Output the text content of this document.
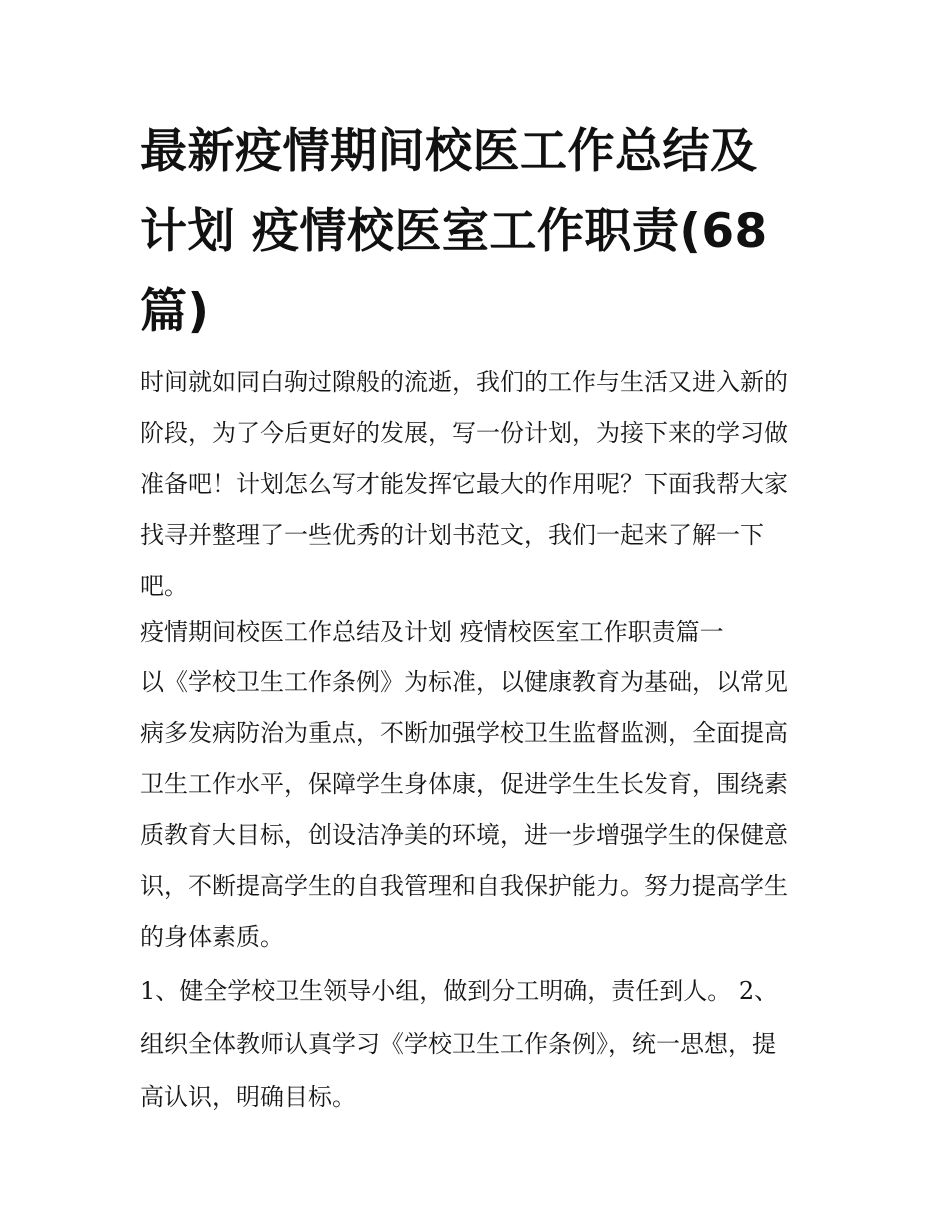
最新疫情期间校医工作总结及
计划 疫情校医室工作职责(68
篇)

时间就如同白驹过隙般的流逝，我们的工作与生活又进入新的
阶段，为了今后更好的发展，写一份计划，为接下来的学习做
准备吧！计划怎么写才能发挥它最大的作用呢？下面我帮大家
找寻并整理了一些优秀的计划书范文，我们一起来了解一下
吧。

疫情期间校医工作总结及计划 疫情校医室工作职责篇一

以《学校卫生工作条例》为标准，以健康教育为基础，以常见
病多发病防治为重点，不断加强学校卫生监督监测，全面提高
卫生工作水平，保障学生身体康，促进学生生长发育，围绕素
质教育大目标，创设洁净美的环境，进一步增强学生的保健意
识，不断提高学生的自我管理和自我保护能力。努力提高学生
的身体素质。

1、健全学校卫生领导小组，做到分工明确，责任到人。 2、
组织全体教师认真学习《学校卫生工作条例》，统一思想，提
高认识，明确目标。
